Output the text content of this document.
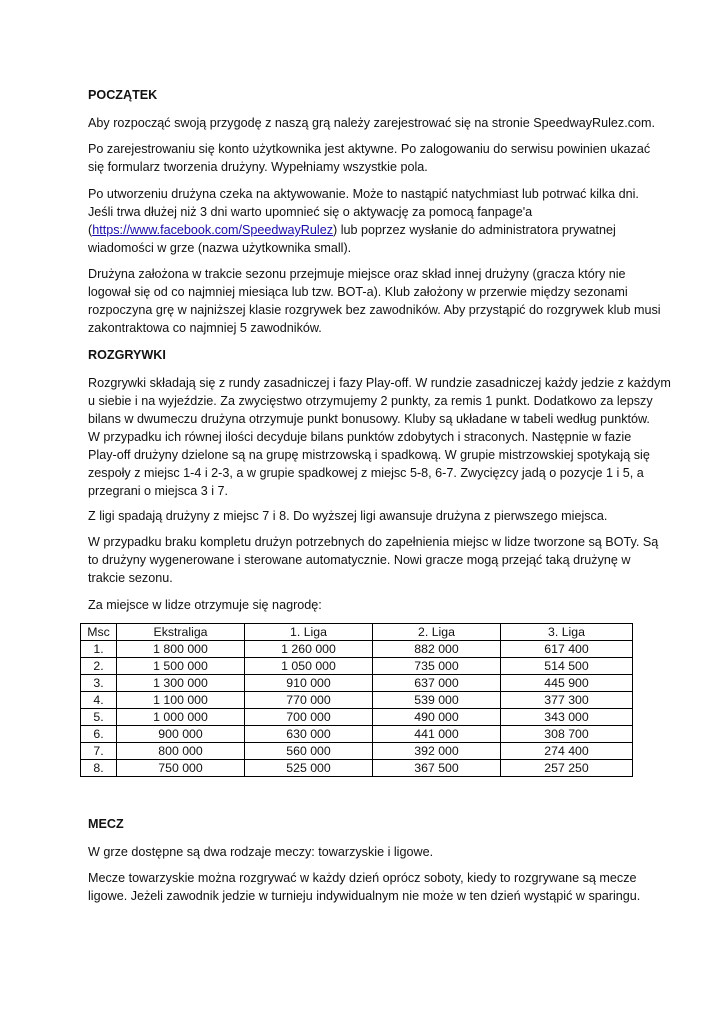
POCZĄTEK
Aby rozpocząć swoją przygodę z naszą grą należy zarejestrować się na stronie SpeedwayRulez.com.
Po zarejestrowaniu się konto użytkownika jest aktywne. Po zalogowaniu do serwisu powinien ukazać
się formularz tworzenia drużyny. Wypełniamy wszystkie pola.
Po utworzeniu drużyna czeka na aktywowanie. Może to nastąpić natychmiast lub potrwać kilka dni.
Jeśli trwa dłużej niż 3 dni warto upomnieć się o aktywację za pomocą fanpage'a
(https://www.facebook.com/SpeedwayRulez) lub poprzez wysłanie do administratora prywatnej
wiadomości w grze (nazwa użytkownika small).
Drużyna założona w trakcie sezonu przejmuje miejsce oraz skład innej drużyny (gracza który nie
logował się od co najmniej miesiąca lub tzw. BOT-a). Klub założony w przerwie między sezonami
rozpoczyna grę w najniższej klasie rozgrywek bez zawodników. Aby przystąpić do rozgrywek klub musi
zakontraktowa co najmniej 5 zawodników.
ROZGRYWKI
Rozgrywki składają się z rundy zasadniczej i fazy Play-off. W rundzie zasadniczej każdy jedzie z każdym
u siebie i na wyjeździe. Za zwycięstwo otrzymujemy 2 punkty, za remis 1 punkt. Dodatkowo za lepszy
bilans w dwumeczu drużyna otrzymuje punkt bonusowy. Kluby są układane w tabeli według punktów.
W przypadku ich równej ilości decyduje bilans punktów zdobytych i straconych. Następnie w fazie
Play-off drużyny dzielone są na grupę mistrzowską i spadkową. W grupie mistrzowskiej spotykają się
zespoły z miejsc 1-4 i 2-3, a w grupie spadkowej z miejsc 5-8, 6-7. Zwycięzcy jadą o pozycje 1 i 5, a
przegrani o miejsca 3 i 7.
Z ligi spadają drużyny z miejsc 7 i 8. Do wyższej ligi awansuje drużyna z pierwszego miejsca.
W przypadku braku kompletu drużyn potrzebnych do zapełnienia miejsc w lidze tworzone są BOTy. Są
to drużyny wygenerowane i sterowane automatycznie. Nowi gracze mogą przejąć taką drużynę w
trakcie sezonu.
Za miejsce w lidze otrzymuje się nagrodę:
MECZ
W grze dostępne są dwa rodzaje meczy: towarzyskie i ligowe.
Mecze towarzyskie można rozgrywać w każdy dzień oprócz soboty, kiedy to rozgrywane są mecze
ligowe. Jeżeli zawodnik jedzie w turnieju indywidualnym nie może w ten dzień wystąpić w sparingu.
Msc	Ekstraliga	1. Liga	2. Liga	3. Liga
1.	1 800 000	1 260 000	882 000	617 400
2.	1 500 000	1 050 000	735 000	514 500
3.	1 300 000	910 000	637 000	445 900
4.	1 100 000	770 000	539 000	377 300
5.	1 000 000	700 000	490 000	343 000
6.	900 000	630 000	441 000	308 700
7.	800 000	560 000	392 000	274 400
8.	750 000	525 000	367 500	257 250
